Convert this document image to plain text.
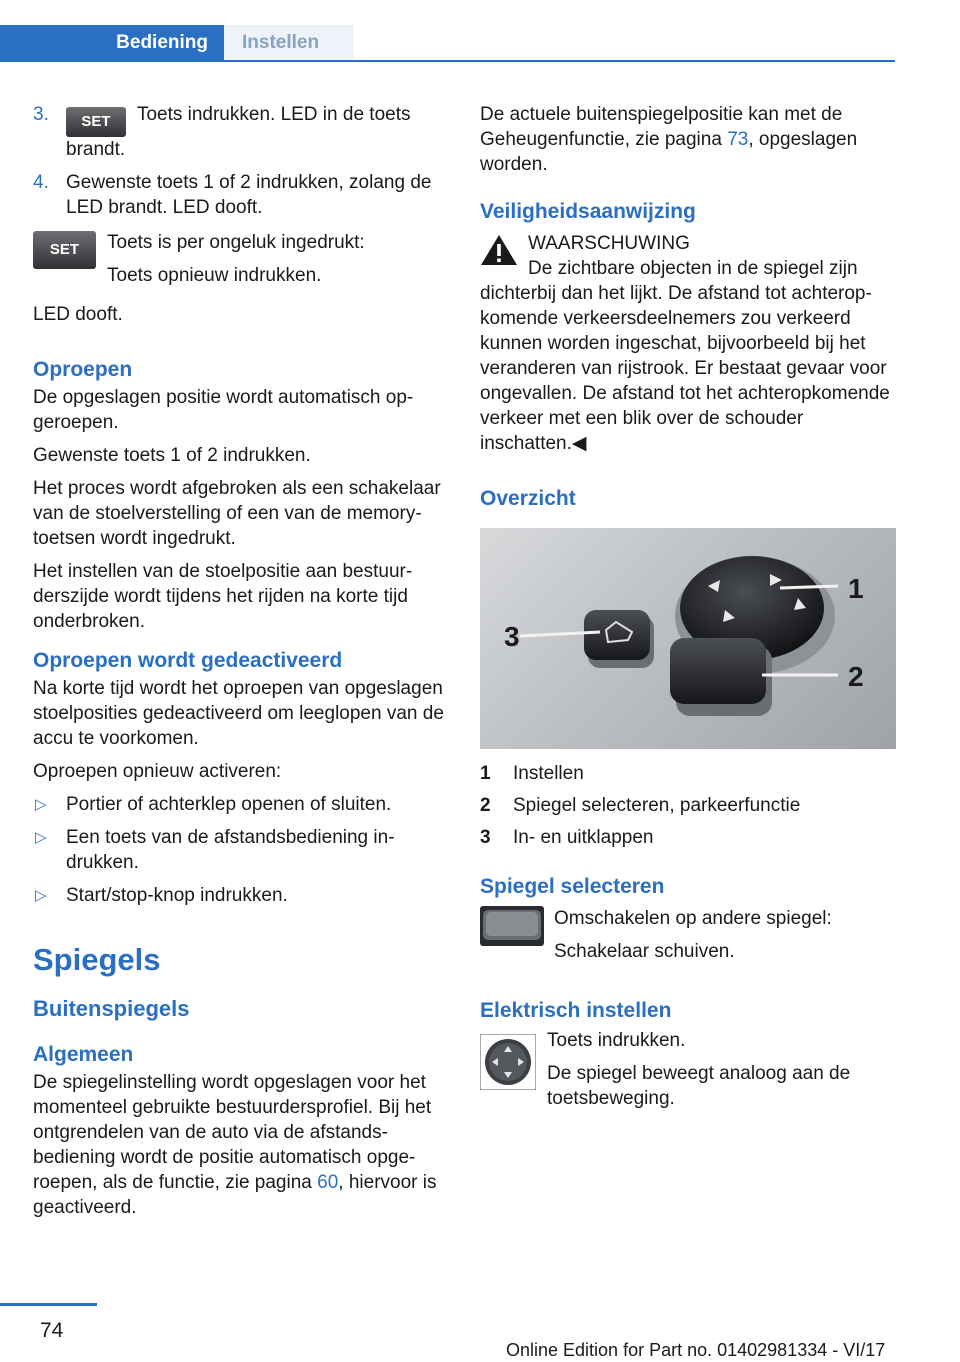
Bediening	Instellen
3. SET Toets indrukken. LED in de toets brandt.
4. Gewenste toets 1 of 2 indrukken, zolang de LED brandt. LED dooft.
SET	Toets is per ongeluk ingedrukt:

Toets opnieuw indrukken.

LED dooft.

Oproepen

De opgeslagen positie wordt automatisch opgeroepen.

Gewenste toets 1 of 2 indrukken.

Het proces wordt afgebroken als een schakelaar van de stoelverstelling of een van de memory-toetsen wordt ingedrukt.

Het instellen van de stoelpositie aan bestuurderszijde wordt tijdens het rijden na korte tijd onderbroken.

Oproepen wordt gedeactiveerd

Na korte tijd wordt het oproepen van opgeslagen stoelposities gedeactiveerd om leeglopen van de accu te voorkomen.

Oproepen opnieuw activeren:

▷ Portier of achterklep openen of sluiten.
▷ Een toets van de afstandsbediening indrukken.
▷ Start/stop-knop indrukken.
Spiegels
Buitenspiegels
Algemeen

De spiegelinstelling wordt opgeslagen voor het momenteel gebruikte bestuurdersprofiel. Bij het ontgrendelen van de auto via de afstandsbediening wordt de positie automatisch opgeroepen, als de functie, zie pagina 60, hiervoor is geactiveerd.

De actuele buitenspiegelpositie kan met de Geheugenfunctie, zie pagina 73, opgeslagen worden.

Veiligheidsaanwijzing
WAARSCHUWING
De zichtbare objecten in de spiegel zijn

dichterbij dan het lijkt. De afstand tot achteropkomende verkeersdeelnemers zou verkeerd kunnen worden ingeschat, bijvoorbeeld bij het veranderen van rijstrook. Er bestaat gevaar voor ongevallen. De afstand tot het achteropkomende verkeer met een blik over de schouder inschatten.◀

Overzicht
1
3
2
1 Instellen
2 Spiegel selecteren, parkeerfunctie
3 In- en uitklappen
Spiegel selecteren

Omschakelen op andere spiegel:

Schakelaar schuiven.

Elektrisch instellen

Toets indrukken.

De spiegel beweegt analoog aan de toetsbeweging.

74
Online Edition for Part no. 01402981334 - VI/17
